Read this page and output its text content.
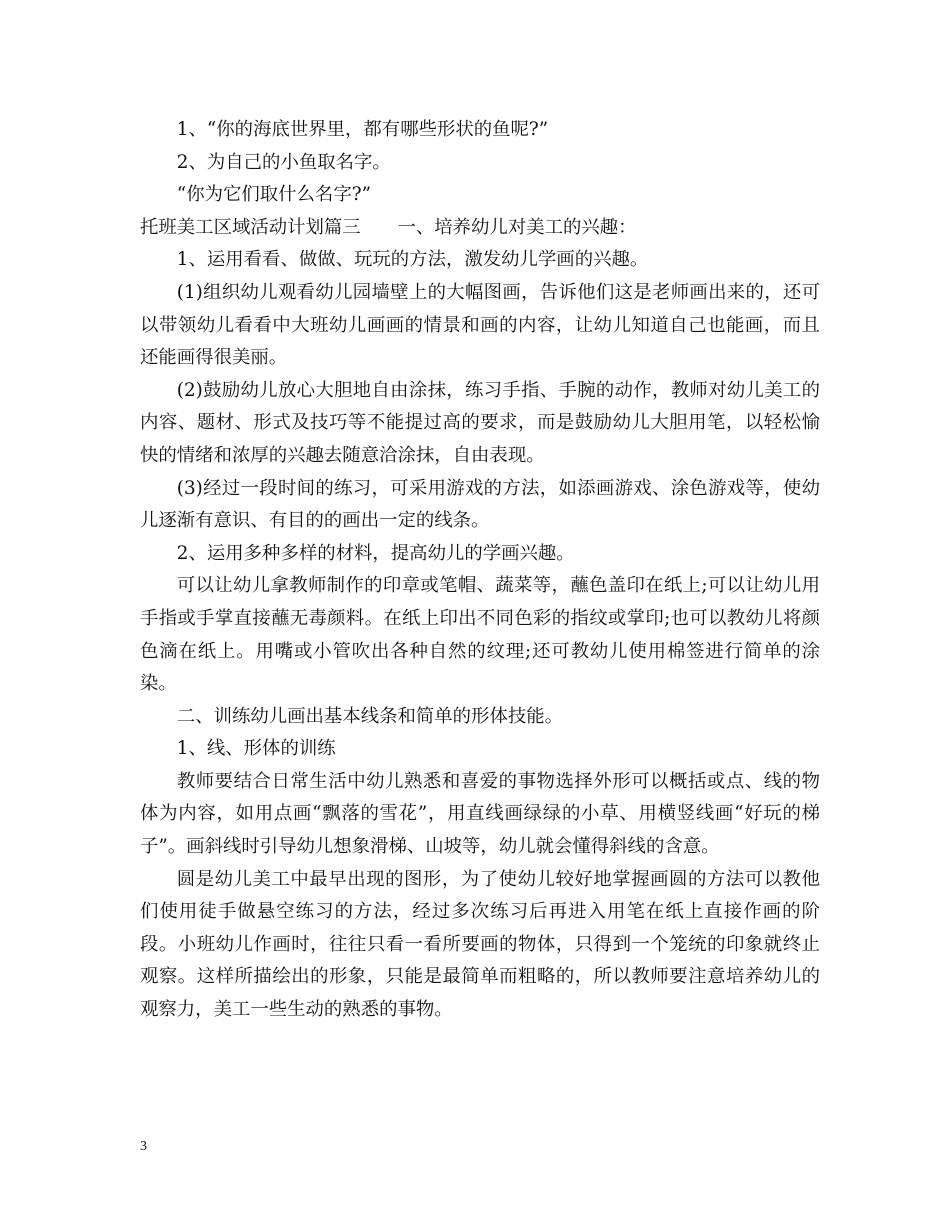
1、“你的海底世界里，都有哪些形状的鱼呢?”

2、为自己的小鱼取名字。

“你为它们取什么名字?”

托班美工区域活动计划篇三　　一、培养幼儿对美工的兴趣：

1、运用看看、做做、玩玩的方法，激发幼儿学画的兴趣。

(1)组织幼儿观看幼儿园墙壁上的大幅图画，告诉他们这是老师画出来的，还可以带领幼儿看看中大班幼儿画画的情景和画的内容，让幼儿知道自己也能画，而且还能画得很美丽。

(2)鼓励幼儿放心大胆地自由涂抹，练习手指、手腕的动作，教师对幼儿美工的内容、题材、形式及技巧等不能提过高的要求，而是鼓励幼儿大胆用笔，以轻松愉快的情绪和浓厚的兴趣去随意洽涂抹，自由表现。

(3)经过一段时间的练习，可采用游戏的方法，如添画游戏、涂色游戏等，使幼儿逐渐有意识、有目的的画出一定的线条。

2、运用多种多样的材料，提高幼儿的学画兴趣。

可以让幼儿拿教师制作的印章或笔帽、蔬菜等，蘸色盖印在纸上;可以让幼儿用手指或手掌直接蘸无毒颜料。在纸上印出不同色彩的指纹或掌印;也可以教幼儿将颜色滴在纸上。用嘴或小管吹出各种自然的纹理;还可教幼儿使用棉签进行简单的涂染。

二、训练幼儿画出基本线条和简单的形体技能。

1、线、形体的训练

教师要结合日常生活中幼儿熟悉和喜爱的事物选择外形可以概括或点、线的物体为内容，如用点画“飘落的雪花”，用直线画绿绿的小草、用横竖线画“好玩的梯子”。画斜线时引导幼儿想象滑梯、山坡等，幼儿就会懂得斜线的含意。

圆是幼儿美工中最早出现的图形，为了使幼儿较好地掌握画圆的方法可以教他们使用徒手做悬空练习的方法，经过多次练习后再进入用笔在纸上直接作画的阶段。小班幼儿作画时，往往只看一看所要画的物体，只得到一个笼统的印象就终止观察。这样所描绘出的形象，只能是最简单而粗略的，所以教师要注意培养幼儿的观察力，美工一些生动的熟悉的事物。

3
